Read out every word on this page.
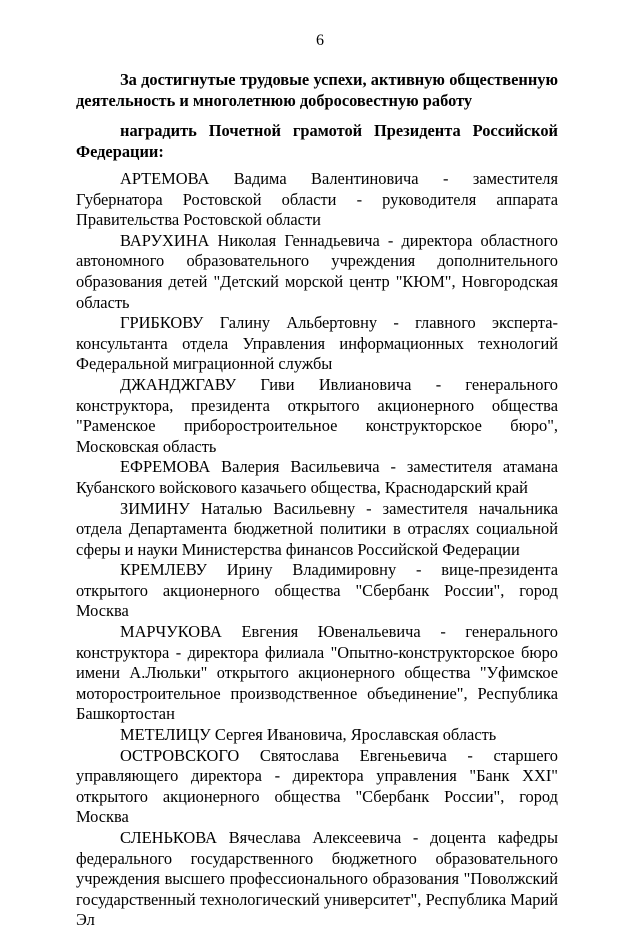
6

За достигнутые трудовые успехи, активную общественную деятельность и многолетнюю добросовестную работу

наградить Почетной грамотой Президента Российской Федерации:

АРТЕМОВА Вадима Валентиновича - заместителя Губернатора Ростовской области - руководителя аппарата Правительства Ростовской области

ВАРУХИНА Николая Геннадьевича - директора областного автономного образовательного учреждения дополнительного образования детей "Детский морской центр "КЮМ", Новгородская область

ГРИБКОВУ Галину Альбертовну - главного эксперта-консультанта отдела Управления информационных технологий Федеральной миграционной службы

ДЖАНДЖГАВУ Гиви Ивлиановича - генерального конструктора, президента открытого акционерного общества "Раменское приборостроительное конструкторское бюро", Московская область

ЕФРЕМОВА Валерия Васильевича - заместителя атамана Кубанского войскового казачьего общества, Краснодарский край

ЗИМИНУ Наталью Васильевну - заместителя начальника отдела Департамента бюджетной политики в отраслях социальной сферы и науки Министерства финансов Российской Федерации

КРЕМЛЕВУ Ирину Владимировну - вице-президента открытого акционерного общества "Сбербанк России", город Москва

МАРЧУКОВА Евгения Ювенальевича - генерального конструктора - директора филиала "Опытно-конструкторское бюро имени А.Люльки" открытого акционерного общества "Уфимское моторостроительное производственное объединение", Республика Башкортостан

МЕТЕЛИЦУ Сергея Ивановича, Ярославская область

ОСТРОВСКОГО Святослава Евгеньевича - старшего управляющего директора - директора управления "Банк XXI" открытого акционерного общества "Сбербанк России", город Москва

СЛЕНЬКОВА Вячеслава Алексеевича - доцента кафедры федерального государственного бюджетного образовательного учреждения высшего профессионального образования "Поволжский государственный технологический университет", Республика Марий Эл
